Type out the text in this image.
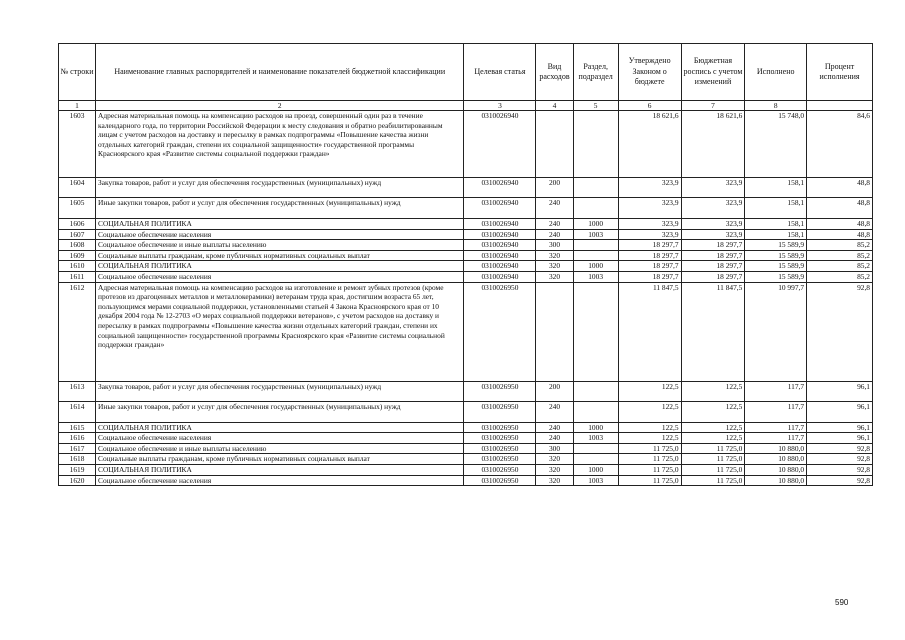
№ строки	Наименование главных распорядителей и наименование показателей бюджетной классификации	Целевая статья	Вид расходов	Раздел, подраздел	Утверждено Законом о бюджете	Бюджетная роспись с учетом изменений	Исполнено	Процент исполнения
1	2	3	4	5	6	7	8	
1603	Адресная материальная помощь на компенсацию расходов на проезд, совершенный один раз в течение календарного года, по территории Российской Федерации к месту следования и обратно реабилитированным лицам с учетом расходов на доставку и пересылку в рамках подпрограммы «Повышение качества жизни отдельных категорий граждан, степени их социальной защищенности» государственной программы Красноярского края «Развитие системы социальной поддержки граждан»	0310026940			18 621,6	18 621,6	15 748,0	84,6
1604	Закупка товаров, работ и услуг для обеспечения государственных (муниципальных) нужд	0310026940	200		323,9	323,9	158,1	48,8
1605	Иные закупки товаров, работ и услуг для обеспечения государственных (муниципальных) нужд	0310026940	240		323,9	323,9	158,1	48,8
1606	СОЦИАЛЬНАЯ ПОЛИТИКА	0310026940	240	1000	323,9	323,9	158,1	48,8
1607	Социальное обеспечение населения	0310026940	240	1003	323,9	323,9	158,1	48,8
1608	Социальное обеспечение и иные выплаты населению	0310026940	300		18 297,7	18 297,7	15 589,9	85,2
1609	Социальные выплаты гражданам, кроме публичных нормативных социальных выплат	0310026940	320		18 297,7	18 297,7	15 589,9	85,2
1610	СОЦИАЛЬНАЯ ПОЛИТИКА	0310026940	320	1000	18 297,7	18 297,7	15 589,9	85,2
1611	Социальное обеспечение населения	0310026940	320	1003	18 297,7	18 297,7	15 589,9	85,2
1612	Адресная материальная помощь на компенсацию расходов на изготовление и ремонт зубных протезов (кроме протезов из драгоценных металлов и металлокерамики) ветеранам труда края, достигшим возраста 65 лет, пользующимся мерами социальной поддержки, установленными статьей 4 Закона Красноярского края от 10 декабря 2004 года № 12-2703 «О мерах социальной поддержки ветеранов», с учетом расходов на доставку и пересылку в рамках подпрограммы «Повышение качества жизни отдельных категорий граждан, степени их социальной защищенности» государственной программы Красноярского края «Развитие системы социальной поддержки граждан»	0310026950			11 847,5	11 847,5	10 997,7	92,8
1613	Закупка товаров, работ и услуг для обеспечения государственных (муниципальных) нужд	0310026950	200		122,5	122,5	117,7	96,1
1614	Иные закупки товаров, работ и услуг для обеспечения государственных (муниципальных) нужд	0310026950	240		122,5	122,5	117,7	96,1
1615	СОЦИАЛЬНАЯ ПОЛИТИКА	0310026950	240	1000	122,5	122,5	117,7	96,1
1616	Социальное обеспечение населения	0310026950	240	1003	122,5	122,5	117,7	96,1
1617	Социальное обеспечение и иные выплаты населению	0310026950	300		11 725,0	11 725,0	10 880,0	92,8
1618	Социальные выплаты гражданам, кроме публичных нормативных социальных выплат	0310026950	320		11 725,0	11 725,0	10 880,0	92,8
1619	СОЦИАЛЬНАЯ ПОЛИТИКА	0310026950	320	1000	11 725,0	11 725,0	10 880,0	92,8
1620	Социальное обеспечение населения	0310026950	320	1003	11 725,0	11 725,0	10 880,0	92,8
590
